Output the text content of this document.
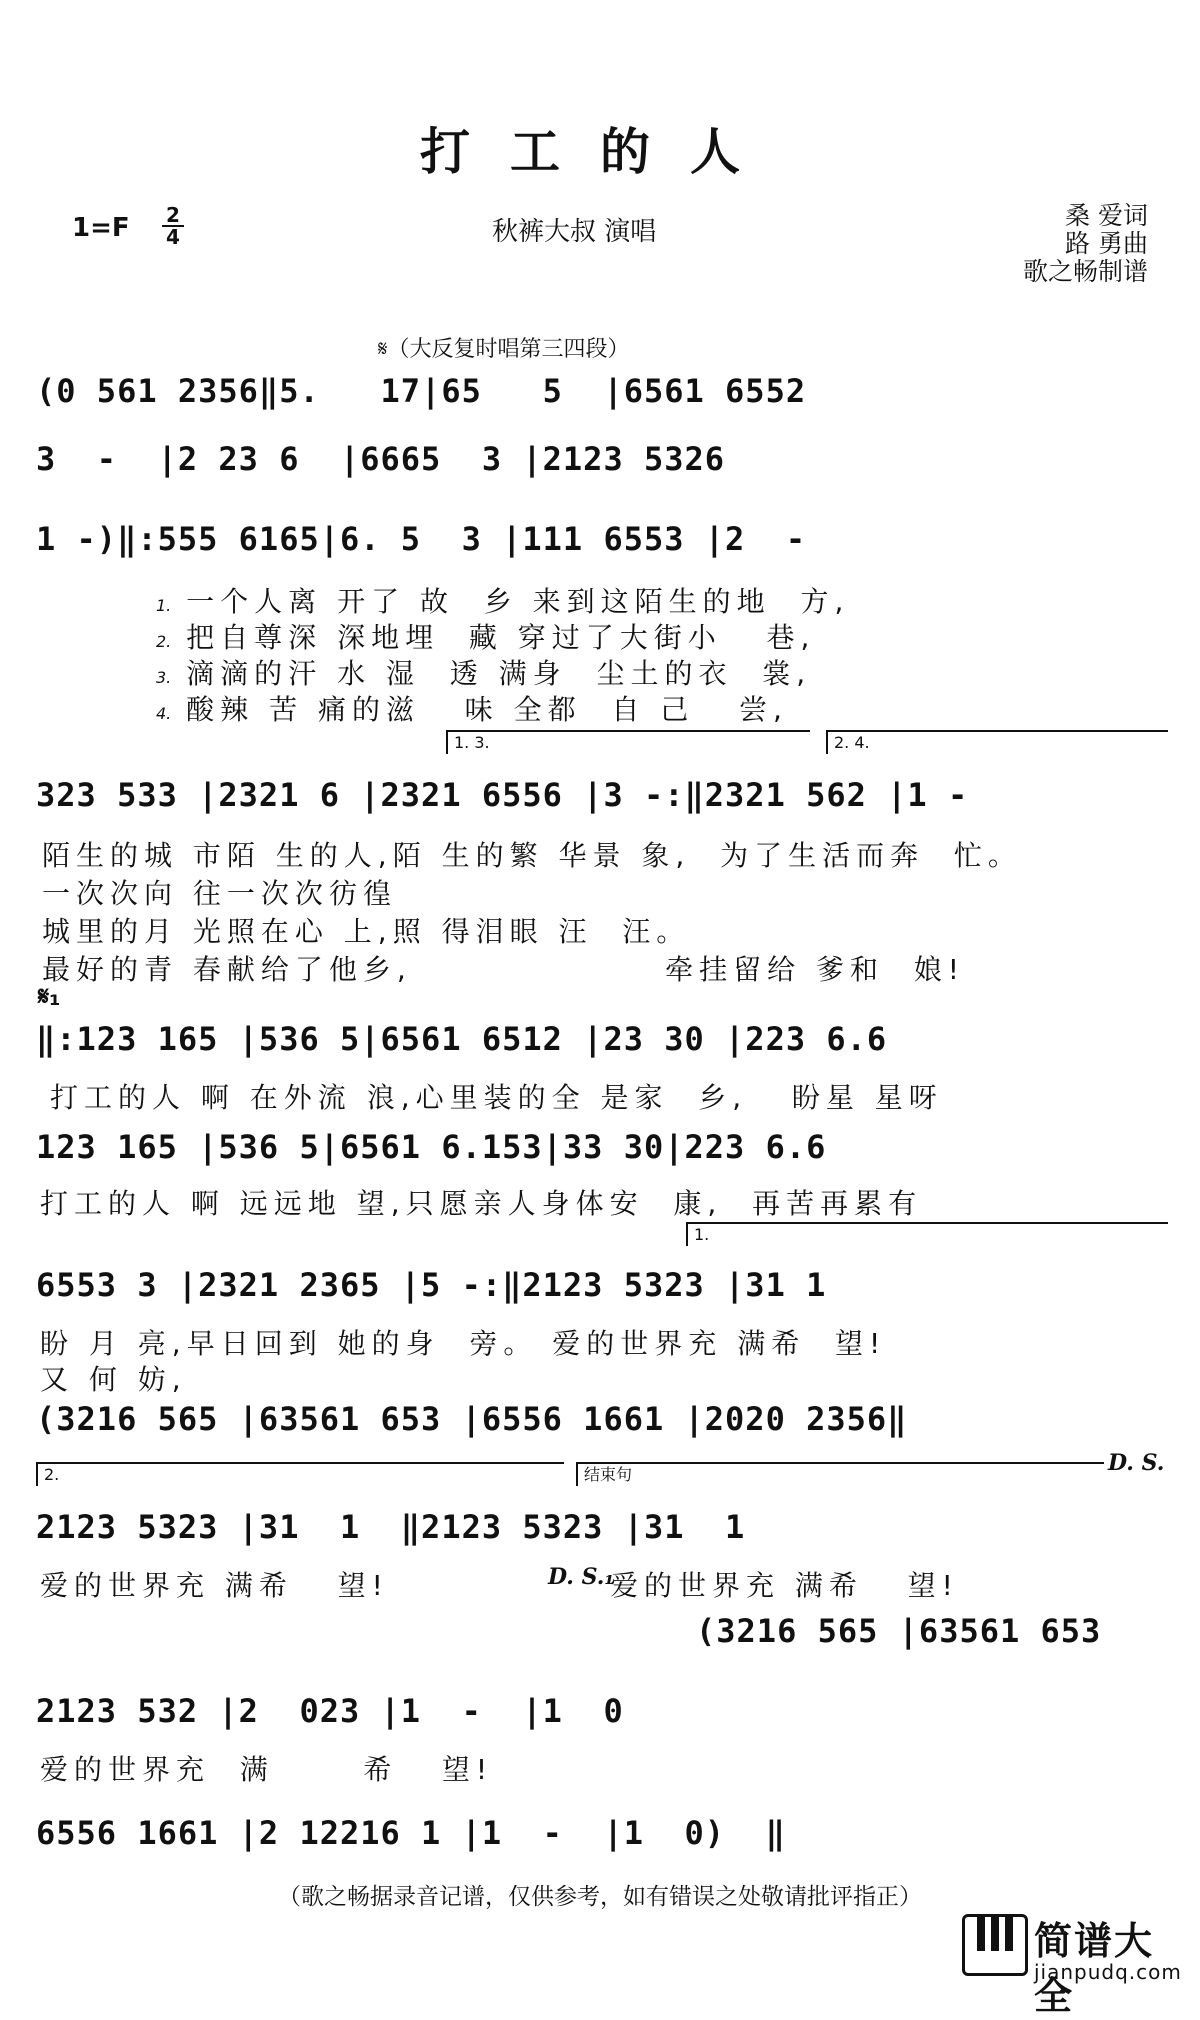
打工的人
$1=F \frac{2}{4}$	秋裤大叔 演唱
桑 爱词
路 勇曲
歌之畅制谱
𝄋（大反复时唱第三四段）
(0 561 2356‖5.   17|65   5  |6561 6552
3  -  |2 23 6  |6665  3 |2123 5326
1 -)‖:555 6165|6. 5  3 |111 6553 |2  -
1. 一个人离 开了 故  乡 来到这陌生的地  方,
2. 把自尊深 深地埋  藏 穿过了大街小   巷,
3. 滴滴的汗 水 湿  透 满身  尘土的衣  裳,
4. 酸辣 苦 痛的滋   味 全都  自 己   尝,
1. 3.	2. 4.
323 533 |2321 6 |2321 6556 |3 -:‖2321 562 |1 -
陌生的城 市陌 生的人,陌 生的繁 华景 象,  为了生活而奔  忙。
一次次向 往一次次彷徨
城里的月 光照在心 上,照 得泪眼 汪  汪。
最好的青 春献给了他乡,                 牵挂留给 爹和  娘!
𝄋₁
‖:123 165 |536 5|6561 6512 |23 30 |223 6.6
打工的人 啊 在外流 浪,心里装的全 是家  乡,   盼星 星呀
123 165 |536 5|6561 6.153|33 30|223 6.6
打工的人 啊 远远地 望,只愿亲人身体安  康,  再苦再累有
1.
6553 3 |2321 2365 |5 -:‖2123 5323 |31 1
盼 月 亮,早日回到 她的身  旁。 爱的世界充 满希  望!
又 何 妨,
(3216 565 |63561 653 |6556 1661 |2020 2356‖
D. S.
2.	结束句
2123 5323 |31  1  ‖2123 5323 |31  1
爱的世界充 满希   望!	D. S.₁
爱的世界充 满希   望!
(3216 565 |63561 653
2123 532 |2  023 |1  -  |1  0
爱的世界充  满      希   望!
6556 1661 |2 12216 1 |1  -  |1  0)  ‖
（歌之畅据录音记谱，仅供参考，如有错误之处敬请批评指正）
简谱大全
jianpudq.com
